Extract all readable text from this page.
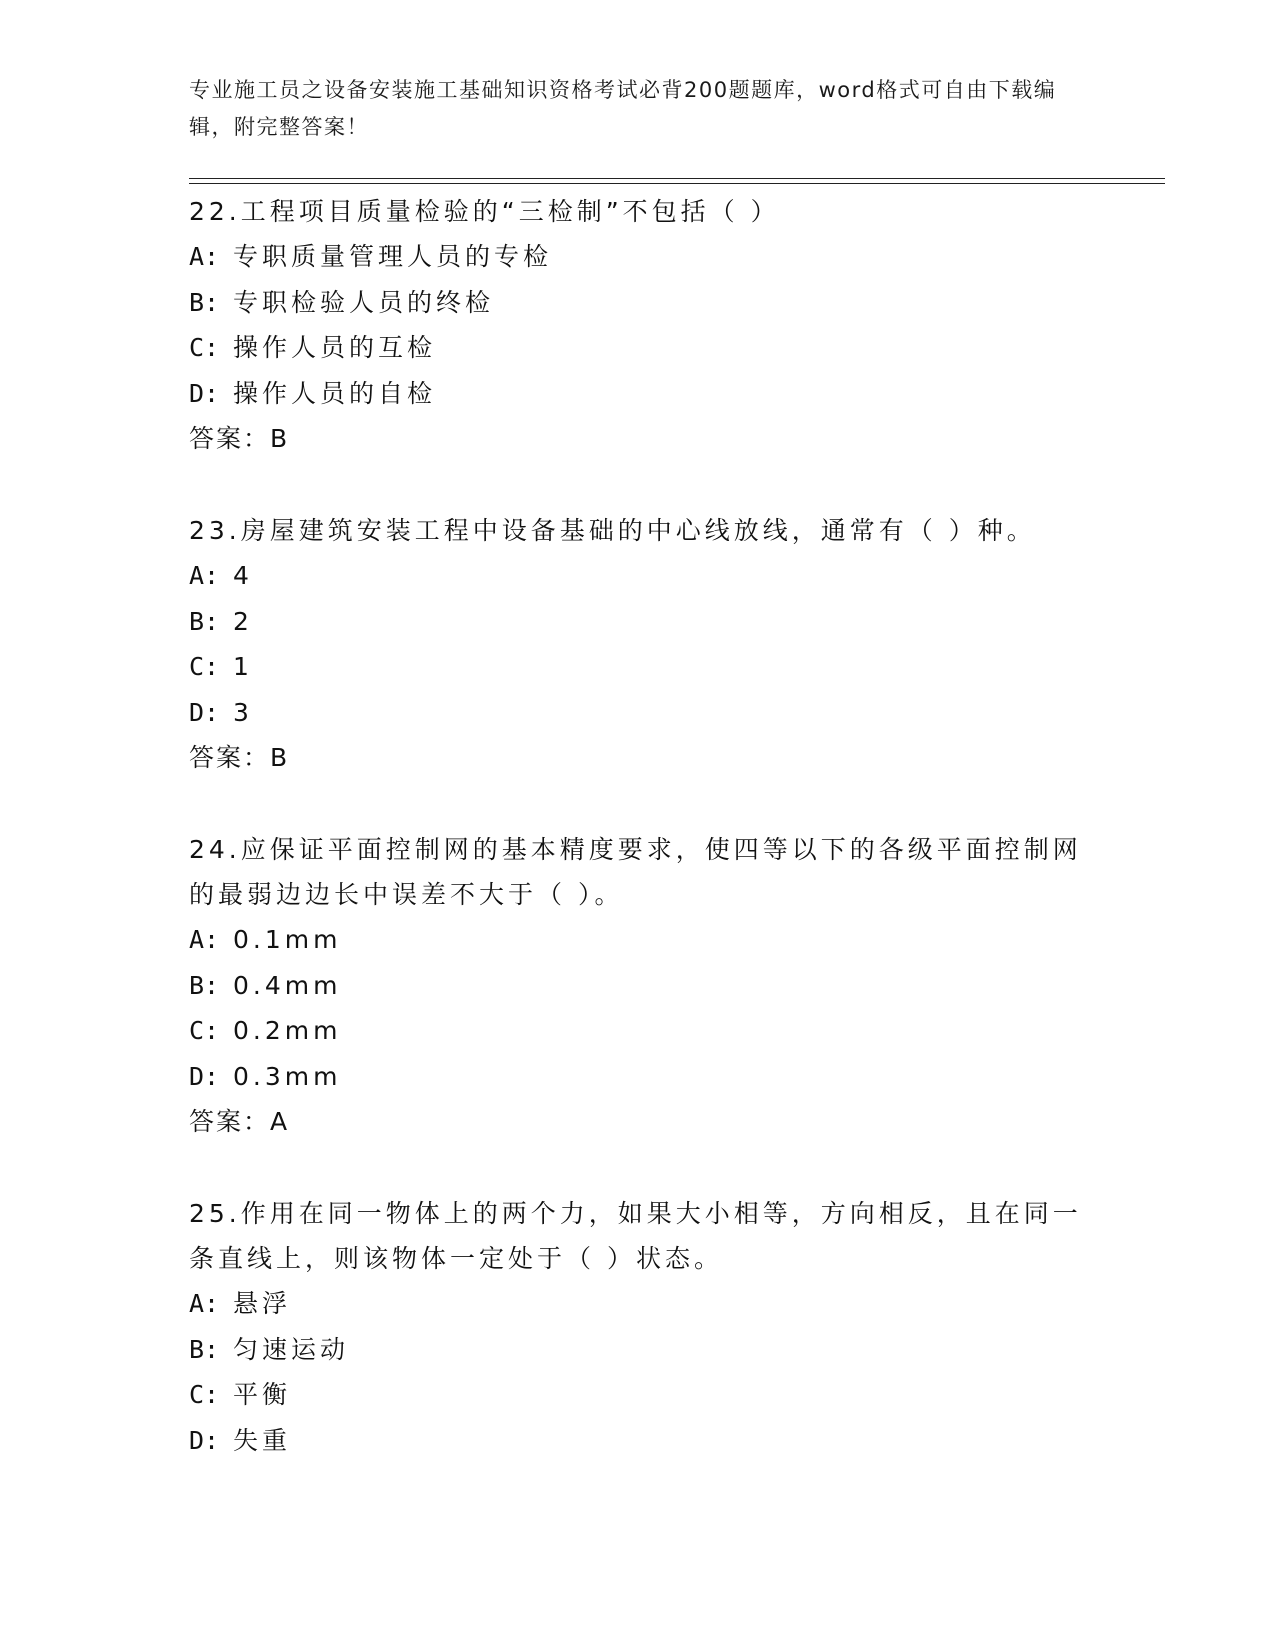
专业施工员之设备安装施工基础知识资格考试必背200题题库，word格式可自由下载编辑，附完整答案！

22.工程项目质量检验的“三检制”不包括（ ）

A: 专职质量管理人员的专检

B: 专职检验人员的终检

C: 操作人员的互检

D: 操作人员的自检

答案：B

23.房屋建筑安装工程中设备基础的中心线放线，通常有（ ）种。

A: 4

B: 2

C: 1

D: 3

答案：B

24.应保证平面控制网的基本精度要求，使四等以下的各级平面控制网的最弱边边长中误差不大于（ ）。

A: 0.1mm

B: 0.4mm

C: 0.2mm

D: 0.3mm

答案：A

25.作用在同一物体上的两个力，如果大小相等，方向相反，且在同一条直线上，则该物体一定处于（ ）状态。

A: 悬浮

B: 匀速运动

C: 平衡

D: 失重
